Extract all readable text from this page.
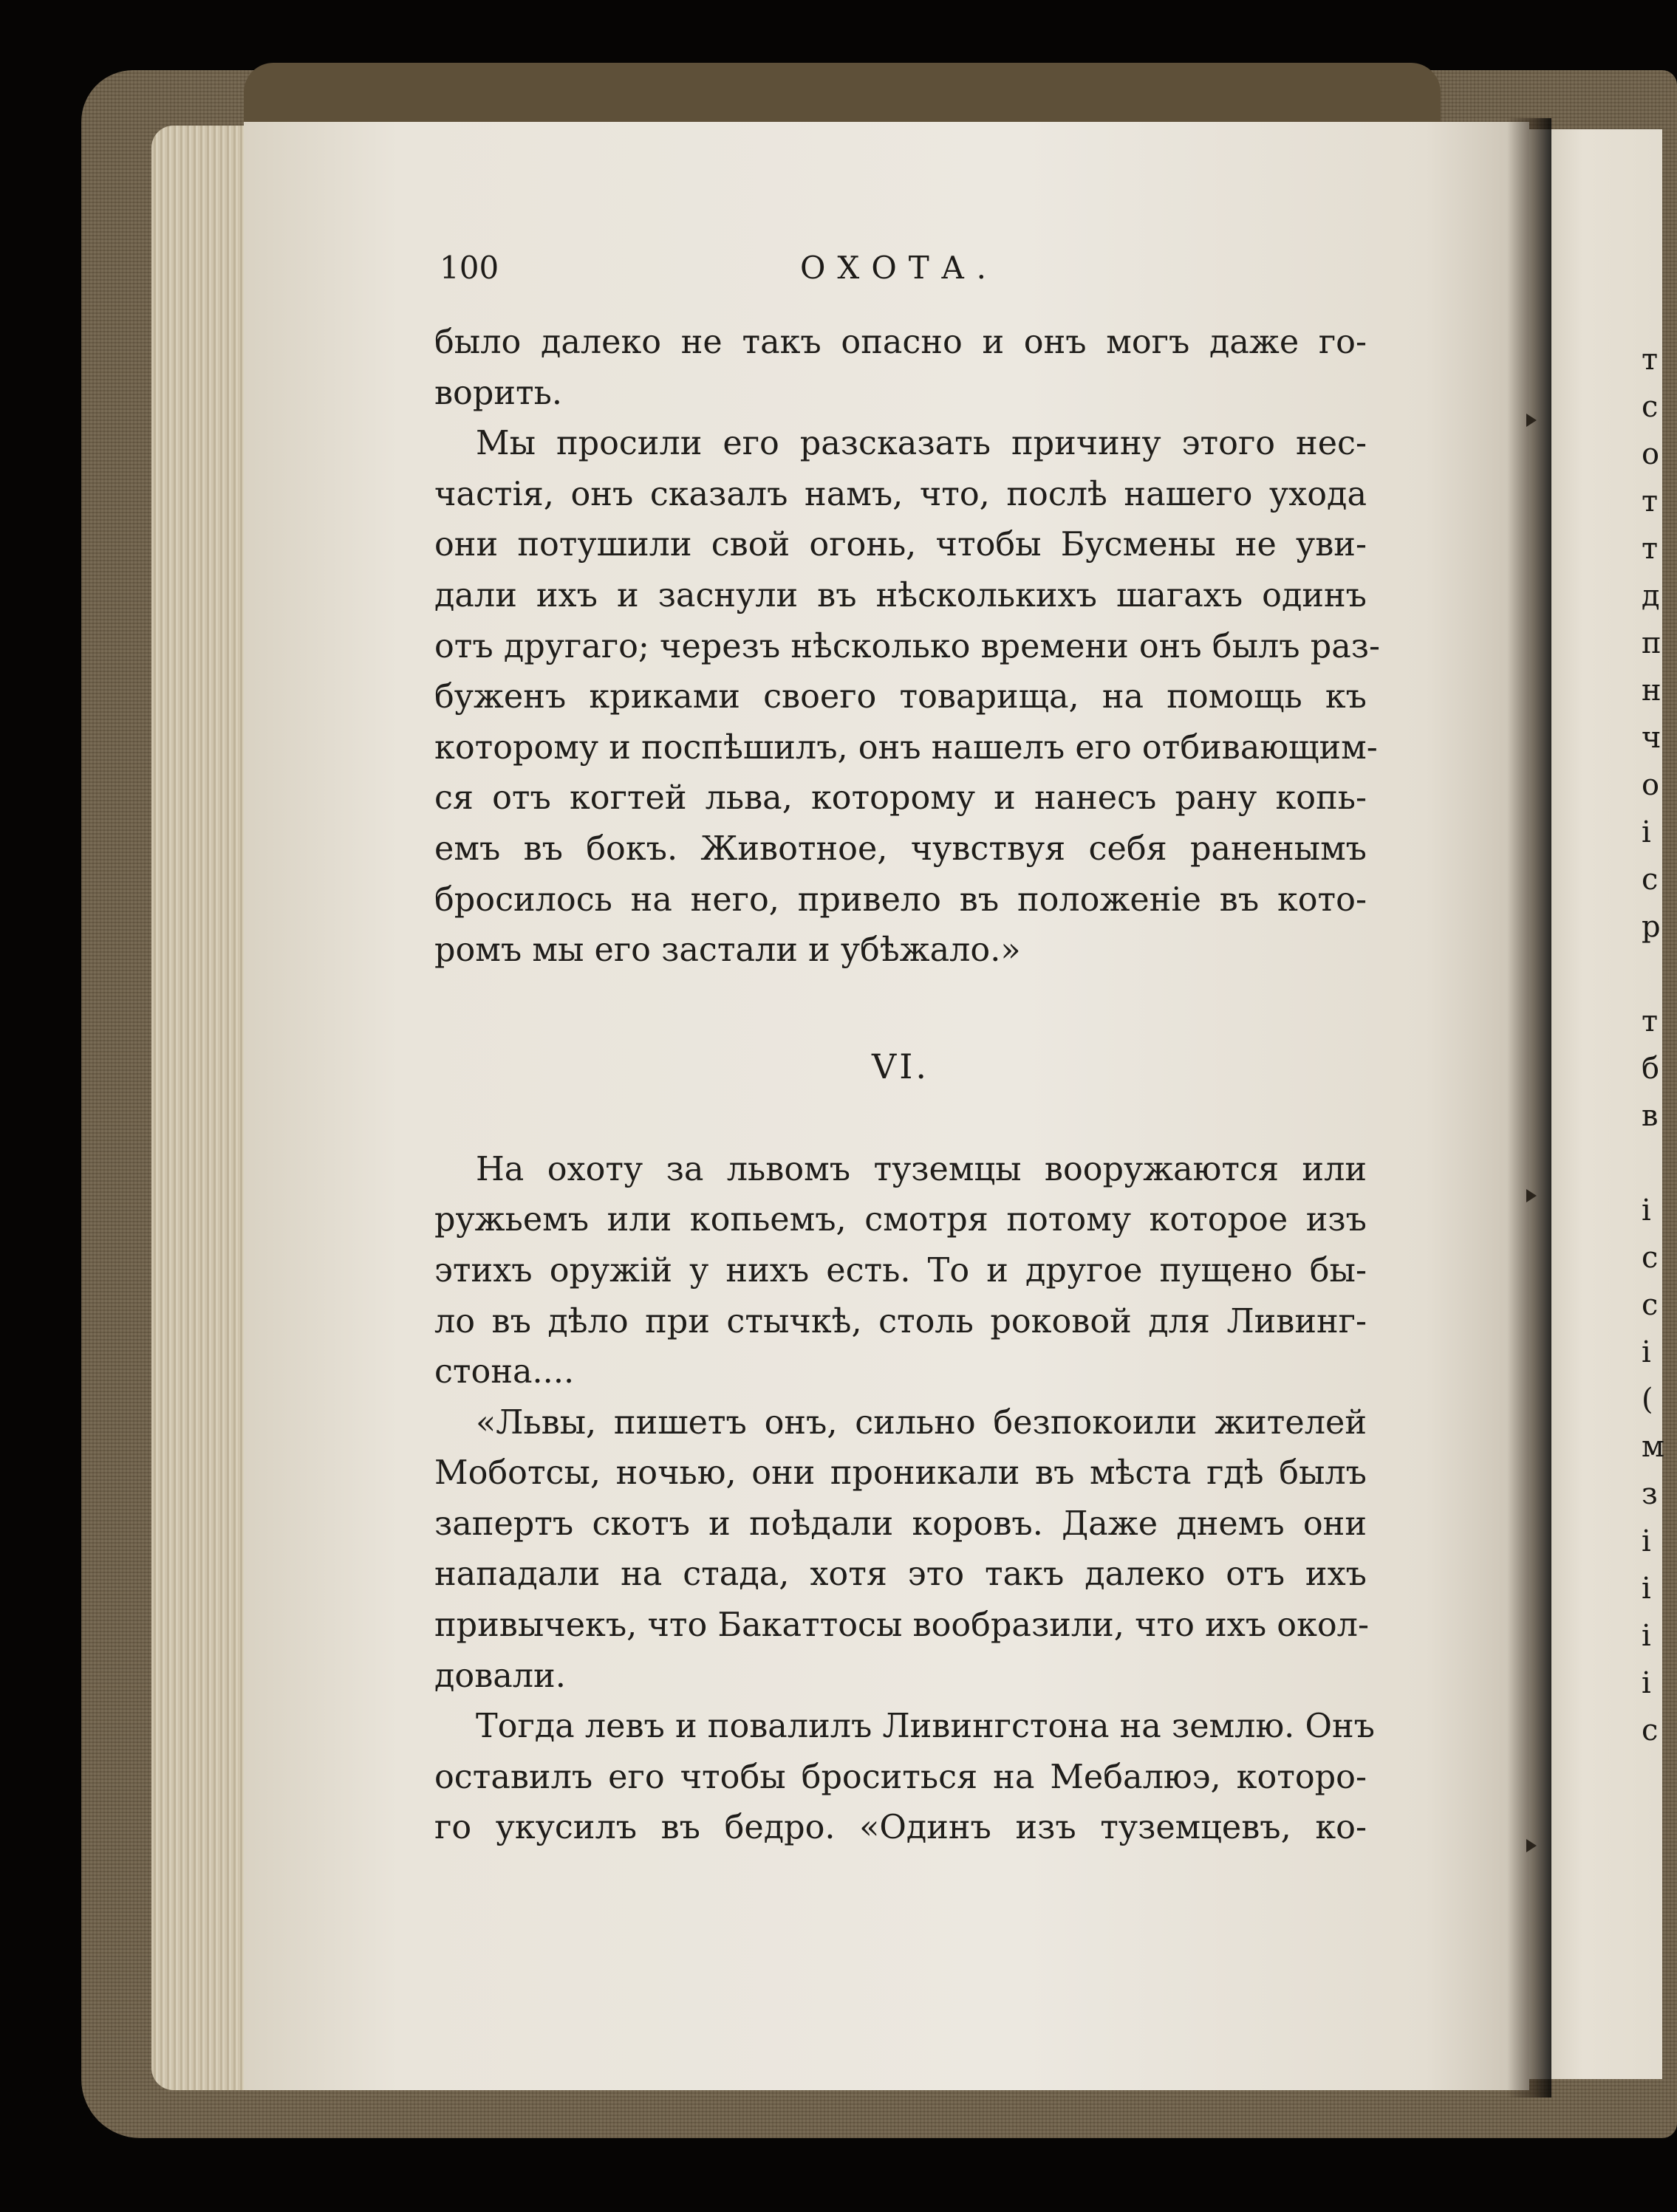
100	ОХОТА.
было далеко не такъ опасно и онъ могъ даже го-
ворить.
Мы просили его разсказать причину этого нес-
частія, онъ сказалъ намъ, что, послѣ нашего ухода
они потушили свой огонь, чтобы Бусмены не уви-
дали ихъ и заснули въ нѣсколькихъ шагахъ одинъ
отъ другаго; черезъ нѣсколько времени онъ былъ раз-
буженъ криками своего товарища, на помощь къ
которому и поспѣшилъ, онъ нашелъ его отбивающим-
ся отъ когтей льва, которому и нанесъ рану копь-
емъ въ бокъ. Животное, чувствуя себя раненымъ
бросилось на него, привело въ положеніе въ кото-
ромъ мы его застали и убѣжало.»
VI.
На охоту за львомъ туземцы вооружаются или
ружьемъ или копьемъ, смотря потому которое изъ
этихъ оружій у нихъ есть. То и другое пущено бы-
ло въ дѣло при стычкѣ, столь роковой для Ливинг-
стона....
«Львы, пишетъ онъ, сильно безпокоили жителей
Моботсы, ночью, они проникали въ мѣста гдѣ былъ
запертъ скотъ и поѣдали коровъ. Даже днемъ они
нападали на стада, хотя это такъ далеко отъ ихъ
привычекъ, что Бакаттосы вообразили, что ихъ окол-
довали.
Тогда левъ и повалилъ Ливингстона на землю. Онъ
оставилъ его чтобы броситься на Мебалюэ, которо-
го укусилъ въ бедро. «Одинъ изъ туземцевъ, ко-
т
с
о
т
т
д
п
н
ч
о
і
с
р
т
б
в
і
с
с
і
(
м
з
і
і
і
і
с
